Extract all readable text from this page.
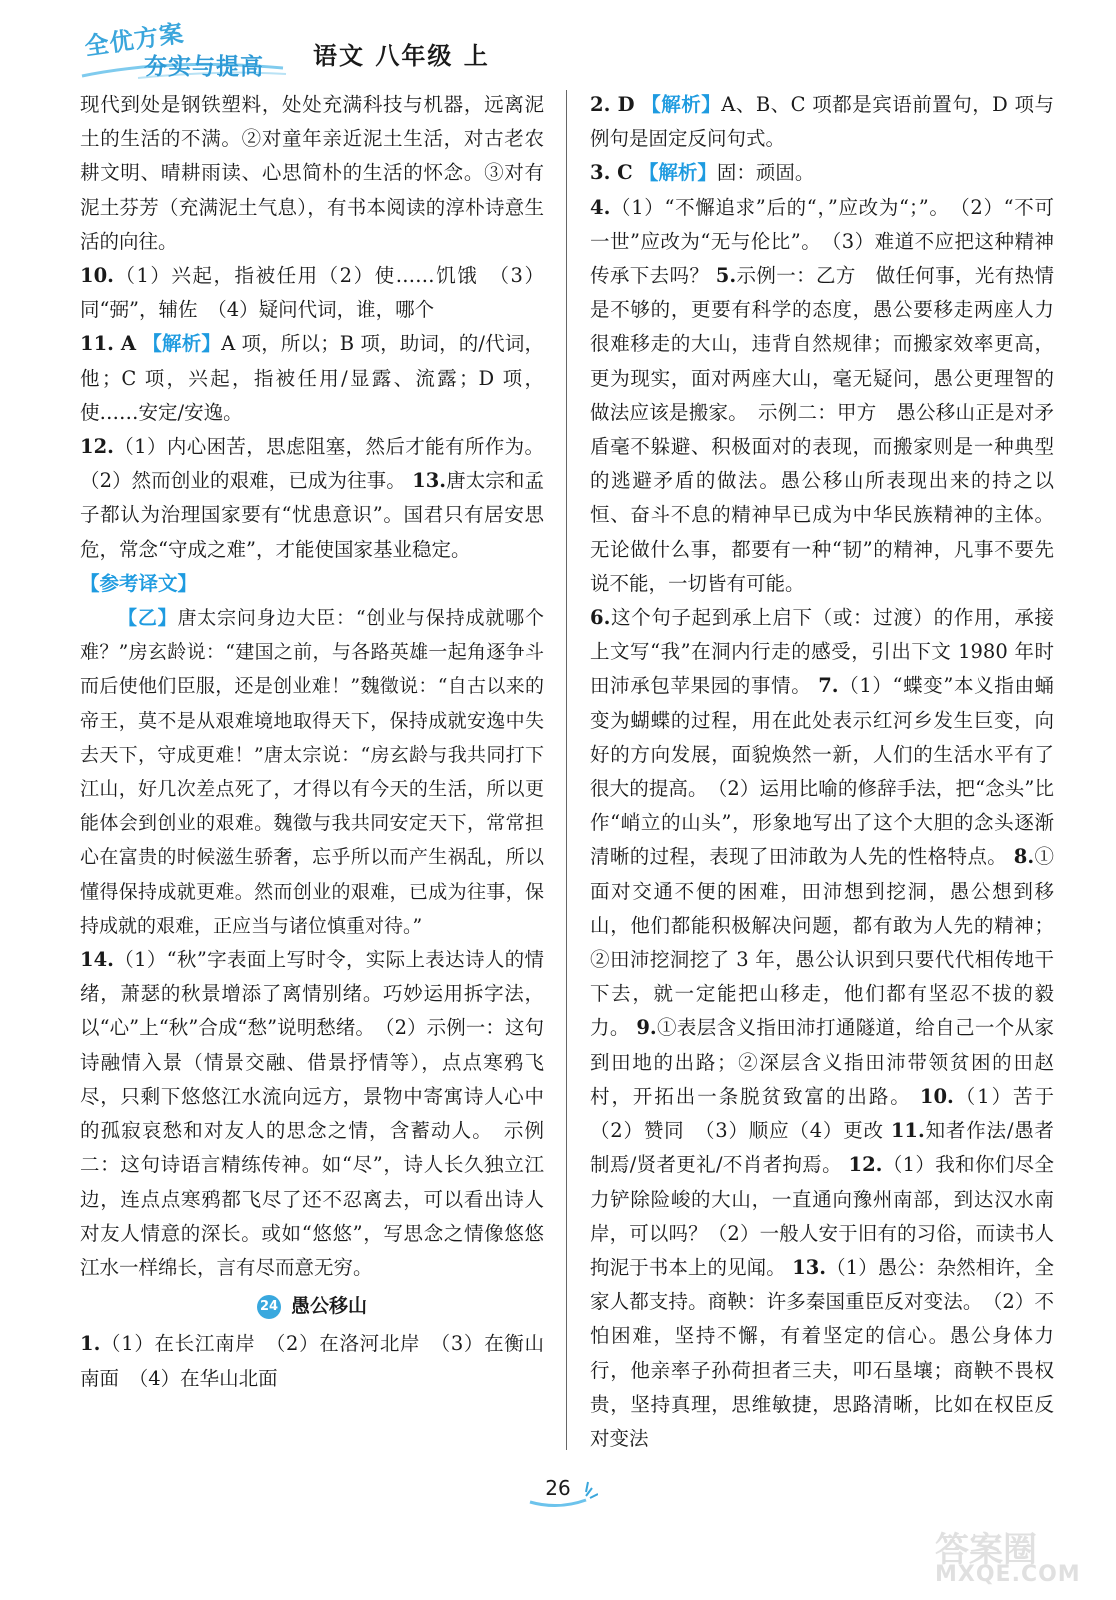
全优方案
夯实与提高 语文 八年级 上

现代到处是钢铁塑料，处处充满科技与机器，远离泥土的生活的不满。②对童年亲近泥土生活，对古老农耕文明、晴耕雨读、心思简朴的生活的怀念。③对有泥土芬芳（充满泥土气息），有书本阅读的淳朴诗意生活的向往。

10.（1）兴起，指被任用（2）使……饥饿　（3）同“弼”，辅佐　（4）疑问代词，谁，哪个

11. A 【解析】A 项，所以；B 项，助词，的/代词，他；C 项，兴起，指被任用/显露、流露；D 项，使……安定/安逸。

12.（1）内心困苦，思虑阻塞，然后才能有所作为。（2）然而创业的艰难，已成为往事。 13.唐太宗和孟子都认为治理国家要有“忧患意识”。国君只有居安思危，常念“守成之难”，才能使国家基业稳定。

【参考译文】

【乙】唐太宗问身边大臣：“创业与保持成就哪个难？”房玄龄说：“建国之前，与各路英雄一起角逐争斗而后使他们臣服，还是创业难！”魏徵说：“自古以来的帝王，莫不是从艰难境地取得天下，保持成就安逸中失去天下，守成更难！”唐太宗说：“房玄龄与我共同打下江山，好几次差点死了，才得以有今天的生活，所以更能体会到创业的艰难。魏徵与我共同安定天下，常常担心在富贵的时候滋生骄奢，忘乎所以而产生祸乱，所以懂得保持成就更难。然而创业的艰难，已成为往事，保持成就的艰难，正应当与诸位慎重对待。”

14.（1）“秋”字表面上写时令，实际上表达诗人的情绪，萧瑟的秋景增添了离情别绪。巧妙运用拆字法，以“心”上“秋”合成“愁”说明愁绪。　（2）示例一：这句诗融情入景（情景交融、借景抒情等），点点寒鸦飞尽，只剩下悠悠江水流向远方，景物中寄寓诗人心中的孤寂哀愁和对友人的思念之情，含蓄动人。　示例二：这句诗语言精练传神。如“尽”，诗人长久独立江边，连点点寒鸦都飞尽了还不忍离去，可以看出诗人对友人情意的深长。或如“悠悠”，写思念之情像悠悠江水一样绵长，言有尽而意无穷。

24 愚公移山

1.（1）在长江南岸　（2）在洛河北岸　（3）在衡山南面　（4）在华山北面

2. D 【解析】A、B、C 项都是宾语前置句，D 项与例句是固定反问句式。

3. C 【解析】固：顽固。

4.（1）“不懈追求”后的“，”应改为“；”。　（2）“不可一世”应改为“无与伦比”。　（3）难道不应把这种精神传承下去吗？ 5.示例一：乙方　做任何事，光有热情是不够的，更要有科学的态度，愚公要移走两座人力很难移走的大山，违背自然规律；而搬家效率更高，更为现实，面对两座大山，毫无疑问，愚公更理智的做法应该是搬家。　示例二：甲方　愚公移山正是对矛盾毫不躲避、积极面对的表现，而搬家则是一种典型的逃避矛盾的做法。愚公移山所表现出来的持之以恒、奋斗不息的精神早已成为中华民族精神的主体。无论做什么事，都要有一种“韧”的精神，凡事不要先说不能，一切皆有可能。

6.这个句子起到承上启下（或：过渡）的作用，承接上文写“我”在洞内行走的感受，引出下文 1980 年时田沛承包苹果园的事情。 7.（1）“蝶变”本义指由蛹变为蝴蝶的过程，用在此处表示红河乡发生巨变，向好的方向发展，面貌焕然一新，人们的生活水平有了很大的提高。　（2）运用比喻的修辞手法，把“念头”比作“峭立的山头”，形象地写出了这个大胆的念头逐渐清晰的过程，表现了田沛敢为人先的性格特点。 8.①面对交通不便的困难，田沛想到挖洞，愚公想到移山，他们都能积极解决问题，都有敢为人先的精神；②田沛挖洞挖了 3 年，愚公认识到只要代代相传地干下去，就一定能把山移走，他们都有坚忍不拔的毅力。 9.①表层含义指田沛打通隧道，给自己一个从家到田地的出路；②深层含义指田沛带领贫困的田赵村，开拓出一条脱贫致富的出路。 10.（1）苦于　（2）赞同　（3）顺应（4）更改 11.知者作法/愚者制焉/贤者更礼/不肖者拘焉。 12.（1）我和你们尽全力铲除险峻的大山，一直通向豫州南部，到达汉水南岸，可以吗？（2）一般人安于旧有的习俗，而读书人拘泥于书本上的见闻。 13.（1）愚公：杂然相许，全家人都支持。商鞅：许多秦国重臣反对变法。　（2）不怕困难，坚持不懈，有着坚定的信心。愚公身体力行，他亲率子孙荷担者三夫，叩石垦壤；商鞅不畏权贵，坚持真理，思维敏捷，思路清晰，比如在权臣反对变法

26
答案圈
MXQE.COM
